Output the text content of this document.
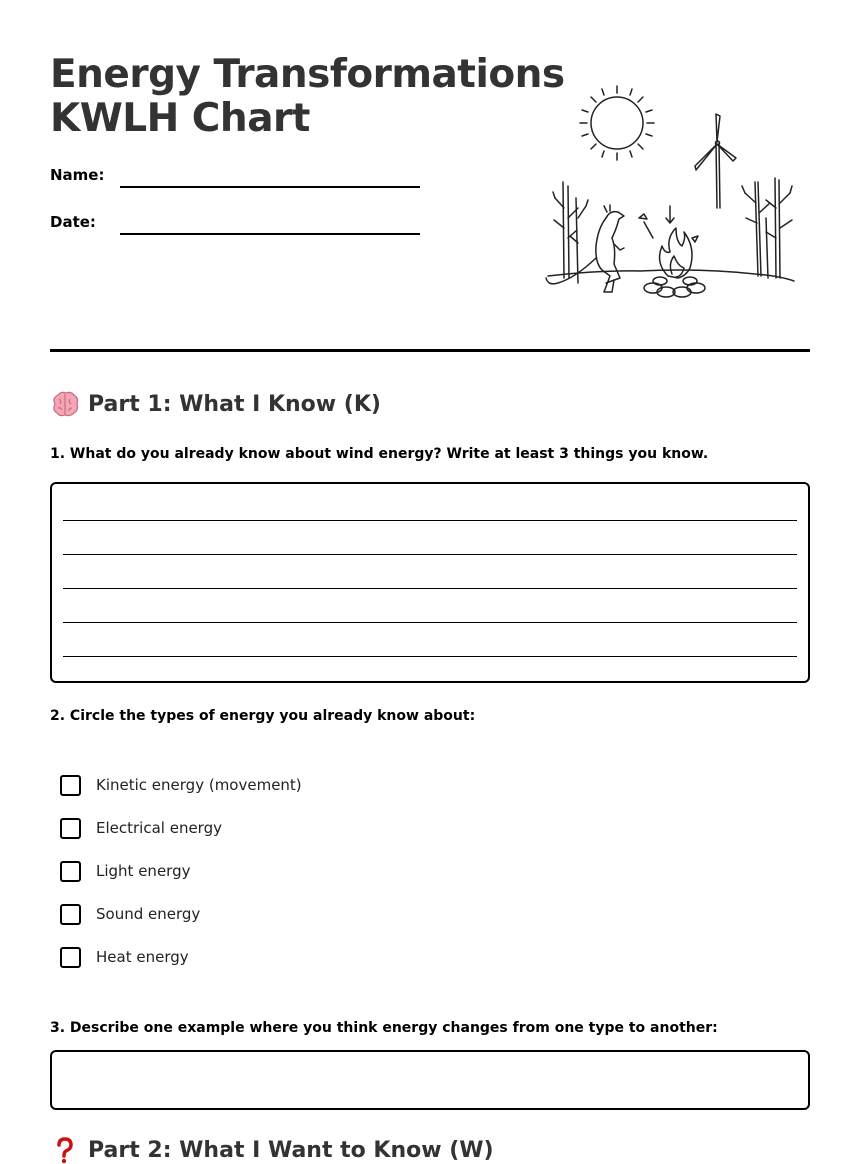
Energy Transformations
KWLH Chart
Name:
Date:
Part 1: What I Know (K)
1. What do you already know about wind energy? Write at least 3 things you know.
2. Circle the types of energy you already know about:
Kinetic energy (movement)
Electrical energy
Light energy
Sound energy
Heat energy
3. Describe one example where you think energy changes from one type to another:
Part 2: What I Want to Know (W)
